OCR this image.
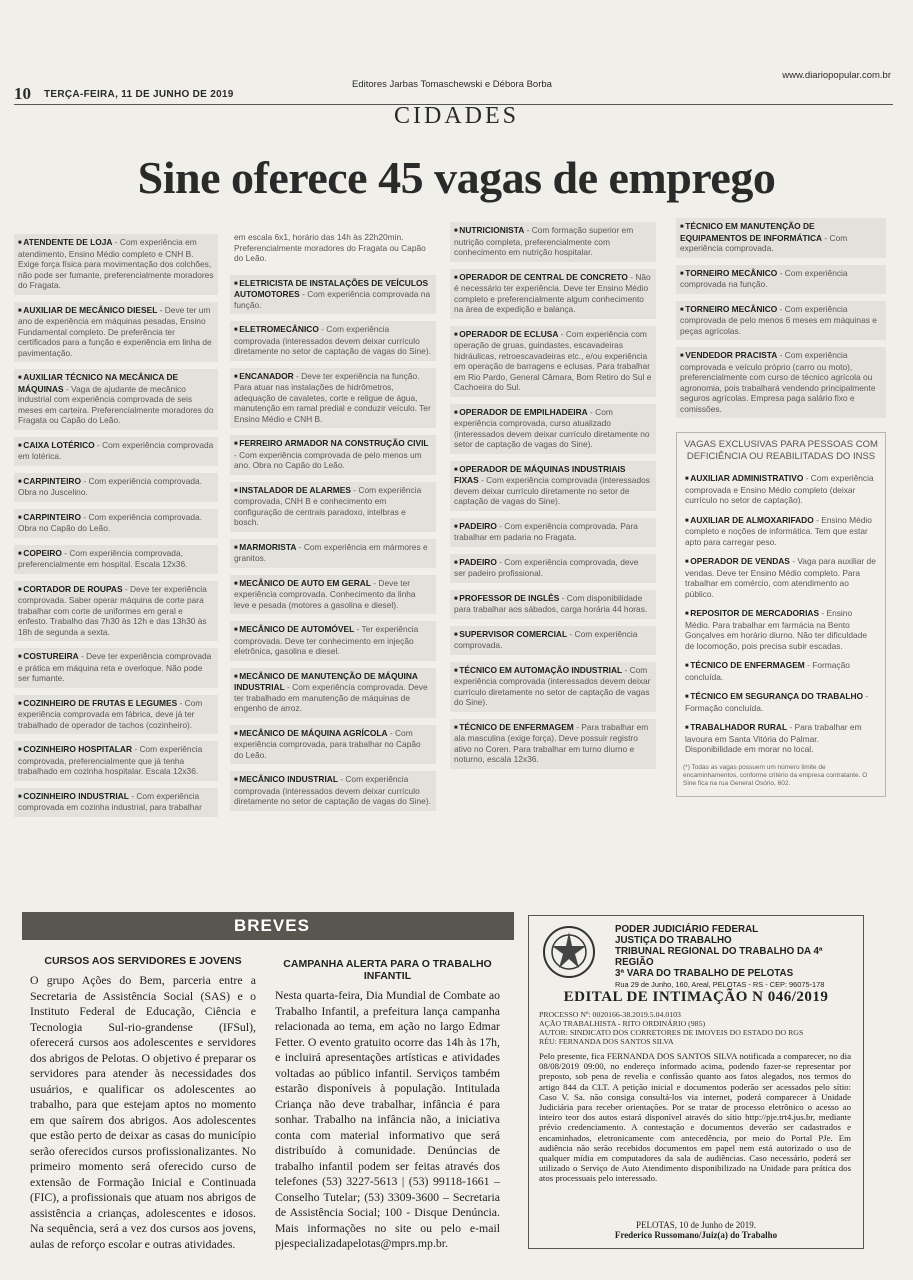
10 TERÇA-FEIRA, 11 DE JUNHO DE 2019
Editores Jarbas Tomaschewski e Débora Borba
www.diariopopular.com.br
CIDADES
Sine oferece 45 vagas de emprego
■ ATENDENTE DE LOJA - Com experiência em atendimento, Ensino Médio completo e CNH B. Exige força física para movimentação dos colchões, não pode ser fumante, preferencialmente moradores do Fragata.
■ AUXILIAR DE MECÂNICO DIESEL - Deve ter um ano de experiência em máquinas pesadas, Ensino Fundamental completo. De preferência ter certificados para a função e experiência em linha de pavimentação.
■ AUXILIAR TÉCNICO NA MECÂNICA DE MÁQUINAS - Vaga de ajudante de mecânico industrial com experiência comprovada de seis meses em carteira. Preferencialmente moradores do Fragata ou Capão do Leão.
■ CAIXA LOTÉRICO - Com experiência comprovada em lotérica.
■ CARPINTEIRO - Com experiência comprovada. Obra no Juscelino.
■ CARPINTEIRO - Com experiência comprovada. Obra no Capão do Leão.
■ COPEIRO - Com experiência comprovada, preferencialmente em hospital. Escala 12x36.
■ CORTADOR DE ROUPAS - Deve ter experiência comprovada. Saber operar máquina de corte para trabalhar com corte de uniformes em geral e enfesto. Trabalho das 7h30 às 12h e das 13h30 às 18h de segunda a sexta.
■ COSTUREIRA - Deve ter experiência comprovada e prática em máquina reta e overloque. Não pode ser fumante.
■ COZINHEIRO DE FRUTAS E LEGUMES - Com experiência comprovada em fábrica, deve já ter trabalhado de operador de tachos (cozinheiro).
■ COZINHEIRO HOSPITALAR - Com experiência comprovada, preferencialmente que já tenha trabalhado em cozinha hospitalar. Escala 12x36.
■ COZINHEIRO INDUSTRIAL - Com experiência comprovada em cozinha industrial, para trabalhar
em escala 6x1, horário das 14h às 22h20min. Preferencialmente moradores do Fragata ou Capão do Leão.
■ ELETRICISTA DE INSTALAÇÕES DE VEÍCULOS AUTOMOTORES - Com experiência comprovada na função.
■ ELETROMECÂNICO - Com experiência comprovada (interessados devem deixar currículo diretamente no setor de captação de vagas do Sine).
■ ENCANADOR - Deve ter experiência na função. Para atuar nas instalações de hidrômetros, adequação de cavaletes, corte e religue de água, manutenção em ramal predial e conduzir veículo. Ter Ensino Médio e CNH B.
■ FERREIRO ARMADOR NA CONSTRUÇÃO CIVIL - Com experiência comprovada de pelo menos um ano. Obra no Capão do Leão.
■ INSTALADOR DE ALARMES - Com experiência comprovada, CNH B e conhecimento em configuração de centrais paradoxo, intelbras e bosch.
■ MARMORISTA - Com experiência em mármores e granitos.
■ MECÂNICO DE AUTO EM GERAL - Deve ter experiência comprovada. Conhecimento da linha leve e pesada (motores a gasolina e diesel).
■ MECÂNICO DE AUTOMÓVEL - Ter experiência comprovada. Deve ter conhecimento em injeção eletrônica, gasolina e diesel.
■ MECÂNICO DE MANUTENÇÃO DE MÁQUINA INDUSTRIAL - Com experiência comprovada. Deve ter trabalhado em manutenção de máquinas de engenho de arroz.
■ MECÂNICO DE MÁQUINA AGRÍCOLA - Com experiência comprovada, para trabalhar no Capão do Leão.
■ MECÂNICO INDUSTRIAL - Com experiência comprovada (interessados devem deixar currículo diretamente no setor de captação de vagas do Sine).
■ NUTRICIONISTA - Com formação superior em nutrição completa, preferencialmente com conhecimento em nutrição hospitalar.
■ OPERADOR DE CENTRAL DE CONCRETO - Não é necessário ter experiência. Deve ter Ensino Médio completo e preferencialmente algum conhecimento na área de expedição e balança.
■ OPERADOR DE ECLUSA - Com experiência com operação de gruas, guindastes, escavadeiras hidráulicas, retroescavadeiras etc., e/ou experiência em operação de barragens e eclusas. Para trabalhar em Rio Pardo, General Câmara, Bom Retiro do Sul e Cachoeira do Sul.
■ OPERADOR DE EMPILHADEIRA - Com experiência comprovada, curso atualizado (interessados devem deixar currículo diretamente no setor de captação de vagas do Sine).
■ OPERADOR DE MÁQUINAS INDUSTRIAIS FIXAS - Com experiência comprovada (interessados devem deixar currículo diretamente no setor de captação de vagas do Sine).
■ PADEIRO - Com experiência comprovada. Para trabalhar em padaria no Fragata.
■ PADEIRO - Com experiência comprovada, deve ser padeiro profissional.
■ PROFESSOR DE INGLÊS - Com disponibilidade para trabalhar aos sábados, carga horária 44 horas.
■ SUPERVISOR COMERCIAL - Com experiência comprovada.
■ TÉCNICO EM AUTOMAÇÃO INDUSTRIAL - Com experiência comprovada (interessados devem deixar currículo diretamente no setor de captação de vagas do Sine).
■ TÉCNICO DE ENFERMAGEM - Para trabalhar em ala masculina (exige força). Deve possuir registro ativo no Coren. Para trabalhar em turno diurno e noturno, escala 12x36.
■ TÉCNICO EM MANUTENÇÃO DE EQUIPAMENTOS DE INFORMÁTICA - Com experiência comprovada.
■ TORNEIRO MECÂNICO - Com experiência comprovada na função.
■ TORNEIRO MECÂNICO - Com experiência comprovada de pelo menos 6 meses em máquinas e peças agrícolas.
■ VENDEDOR PRACISTA - Com experiência comprovada e veículo próprio (carro ou moto), preferencialmente com curso de técnico agrícola ou agronomia, pois trabalhará vendendo principalmente seguros agrícolas. Empresa paga salário fixo e comissões.
VAGAS EXCLUSIVAS PARA PESSOAS COM DEFICIÊNCIA OU REABILITADAS DO INSS
■ AUXILIAR ADMINISTRATIVO - Com experiência comprovada e Ensino Médio completo (deixar currículo no setor de captação).
■ AUXILIAR DE ALMOXARIFADO - Ensino Médio completo e noções de informática. Tem que estar apto para carregar peso.
■ OPERADOR DE VENDAS - Vaga para auxiliar de vendas. Deve ter Ensino Médio completo. Para trabalhar em comércio, com atendimento ao público.
■ REPOSITOR DE MERCADORIAS - Ensino Médio. Para trabalhar em farmácia na Bento Gonçalves em horário diurno. Não ter dificuldade de locomoção, pois precisa subir escadas.
■ TÉCNICO DE ENFERMAGEM - Formação concluída.
■ TÉCNICO EM SEGURANÇA DO TRABALHO - Formação concluída.
■ TRABALHADOR RURAL - Para trabalhar em lavoura em Santa Vitória do Palmar. Disponibilidade em morar no local.
(*) Todas as vagas possuem um número limite de encaminhamentos, conforme critério da empresa contratante. O Sine fica na rua General Osório, 602.
BREVES
CURSOS AOS SERVIDORES E JOVENS
O grupo Ações do Bem, parceria entre a Secretaria de Assistência Social (SAS) e o Instituto Federal de Educação, Ciência e Tecnologia Sul-rio-grandense (IFSul), oferecerá cursos aos adolescentes e servidores dos abrigos de Pelotas. O objetivo é preparar os servidores para atender às necessidades dos usuários, e qualificar os adolescentes ao trabalho, para que estejam aptos no momento em que saírem dos abrigos. Aos adolescentes que estão perto de deixar as casas do município serão oferecidos cursos profissionalizantes. No primeiro momento será oferecido curso de extensão de Formação Inicial e Continuada (FIC), a profissionais que atuam nos abrigos de assistência a crianças, adolescentes e idosos. Na sequência, será a vez dos cursos aos jovens, aulas de reforço escolar e outras atividades.
CAMPANHA ALERTA PARA O TRABALHO INFANTIL
Nesta quarta-feira, Dia Mundial de Combate ao Trabalho Infantil, a prefeitura lança campanha relacionada ao tema, em ação no largo Edmar Fetter. O evento gratuito ocorre das 14h às 17h, e incluirá apresentações artísticas e atividades voltadas ao público infantil. Serviços também estarão disponíveis à população. Intitulada Criança não deve trabalhar, infância é para sonhar. Trabalho na infância não, a iniciativa conta com material informativo que será distribuído à comunidade. Denúncias de trabalho infantil podem ser feitas através dos telefones (53) 3227-5613 | (53) 99118-1661 – Conselho Tutelar; (53) 3309-3600 – Secretaria de Assistência Social; 100 - Disque Denúncia. Mais informações no site ou pelo e-mail pjespecializadapelotas@mprs.mp.br.
PODER JUDICIÁRIO FEDERAL
JUSTIÇA DO TRABALHO
TRIBUNAL REGIONAL DO TRABALHO DA 4ª REGIÃO
3ª VARA DO TRABALHO DE PELOTAS
Rua 29 de Junho, 160, Areal, PELOTAS - RS - CEP: 96075-178
EDITAL DE INTIMAÇÃO N 046/2019
PROCESSO Nº: 0020166-38.2019.5.04.0103
AÇÃO TRABALHISTA - RITO ORDINÁRIO (985)
AUTOR: SINDICATO DOS CORRETORES DE IMOVEIS DO ESTADO DO RGS
RÉU: FERNANDA DOS SANTOS SILVA
Pelo presente, fica FERNANDA DOS SANTOS SILVA notificada a comparecer, no dia 08/08/2019 09:00, no endereço informado acima, podendo fazer-se representar por preposto, sob pena de revelia e confissão quanto aos fatos alegados, nos termos do artigo 844 da CLT. A petição inicial e documentos poderão ser acessados pelo sítio: Caso V. Sa. não consiga consultá-los via internet, poderá comparecer à Unidade Judiciária para receber orientações. Por se tratar de processo eletrônico o acesso ao inteiro teor dos autos estará disponível através do sítio http://pje.trt4.jus.br, mediante prévio credenciamento. A contestação e documentos deverão ser cadastrados e encaminhados, eletronicamente com antecedência, por meio do Portal PJe. Em audiência não serão recebidos documentos em papel nem está autorizado o uso de qualquer mídia em computadores da sala de audiências. Caso necessário, poderá ser utilizado o Serviço de Auto Atendimento disponibilizado na Unidade para prática dos atos processuais pelo interessado.
PELOTAS, 10 de Junho de 2019.
Frederico Russomano/Juiz(a) do Trabalho
